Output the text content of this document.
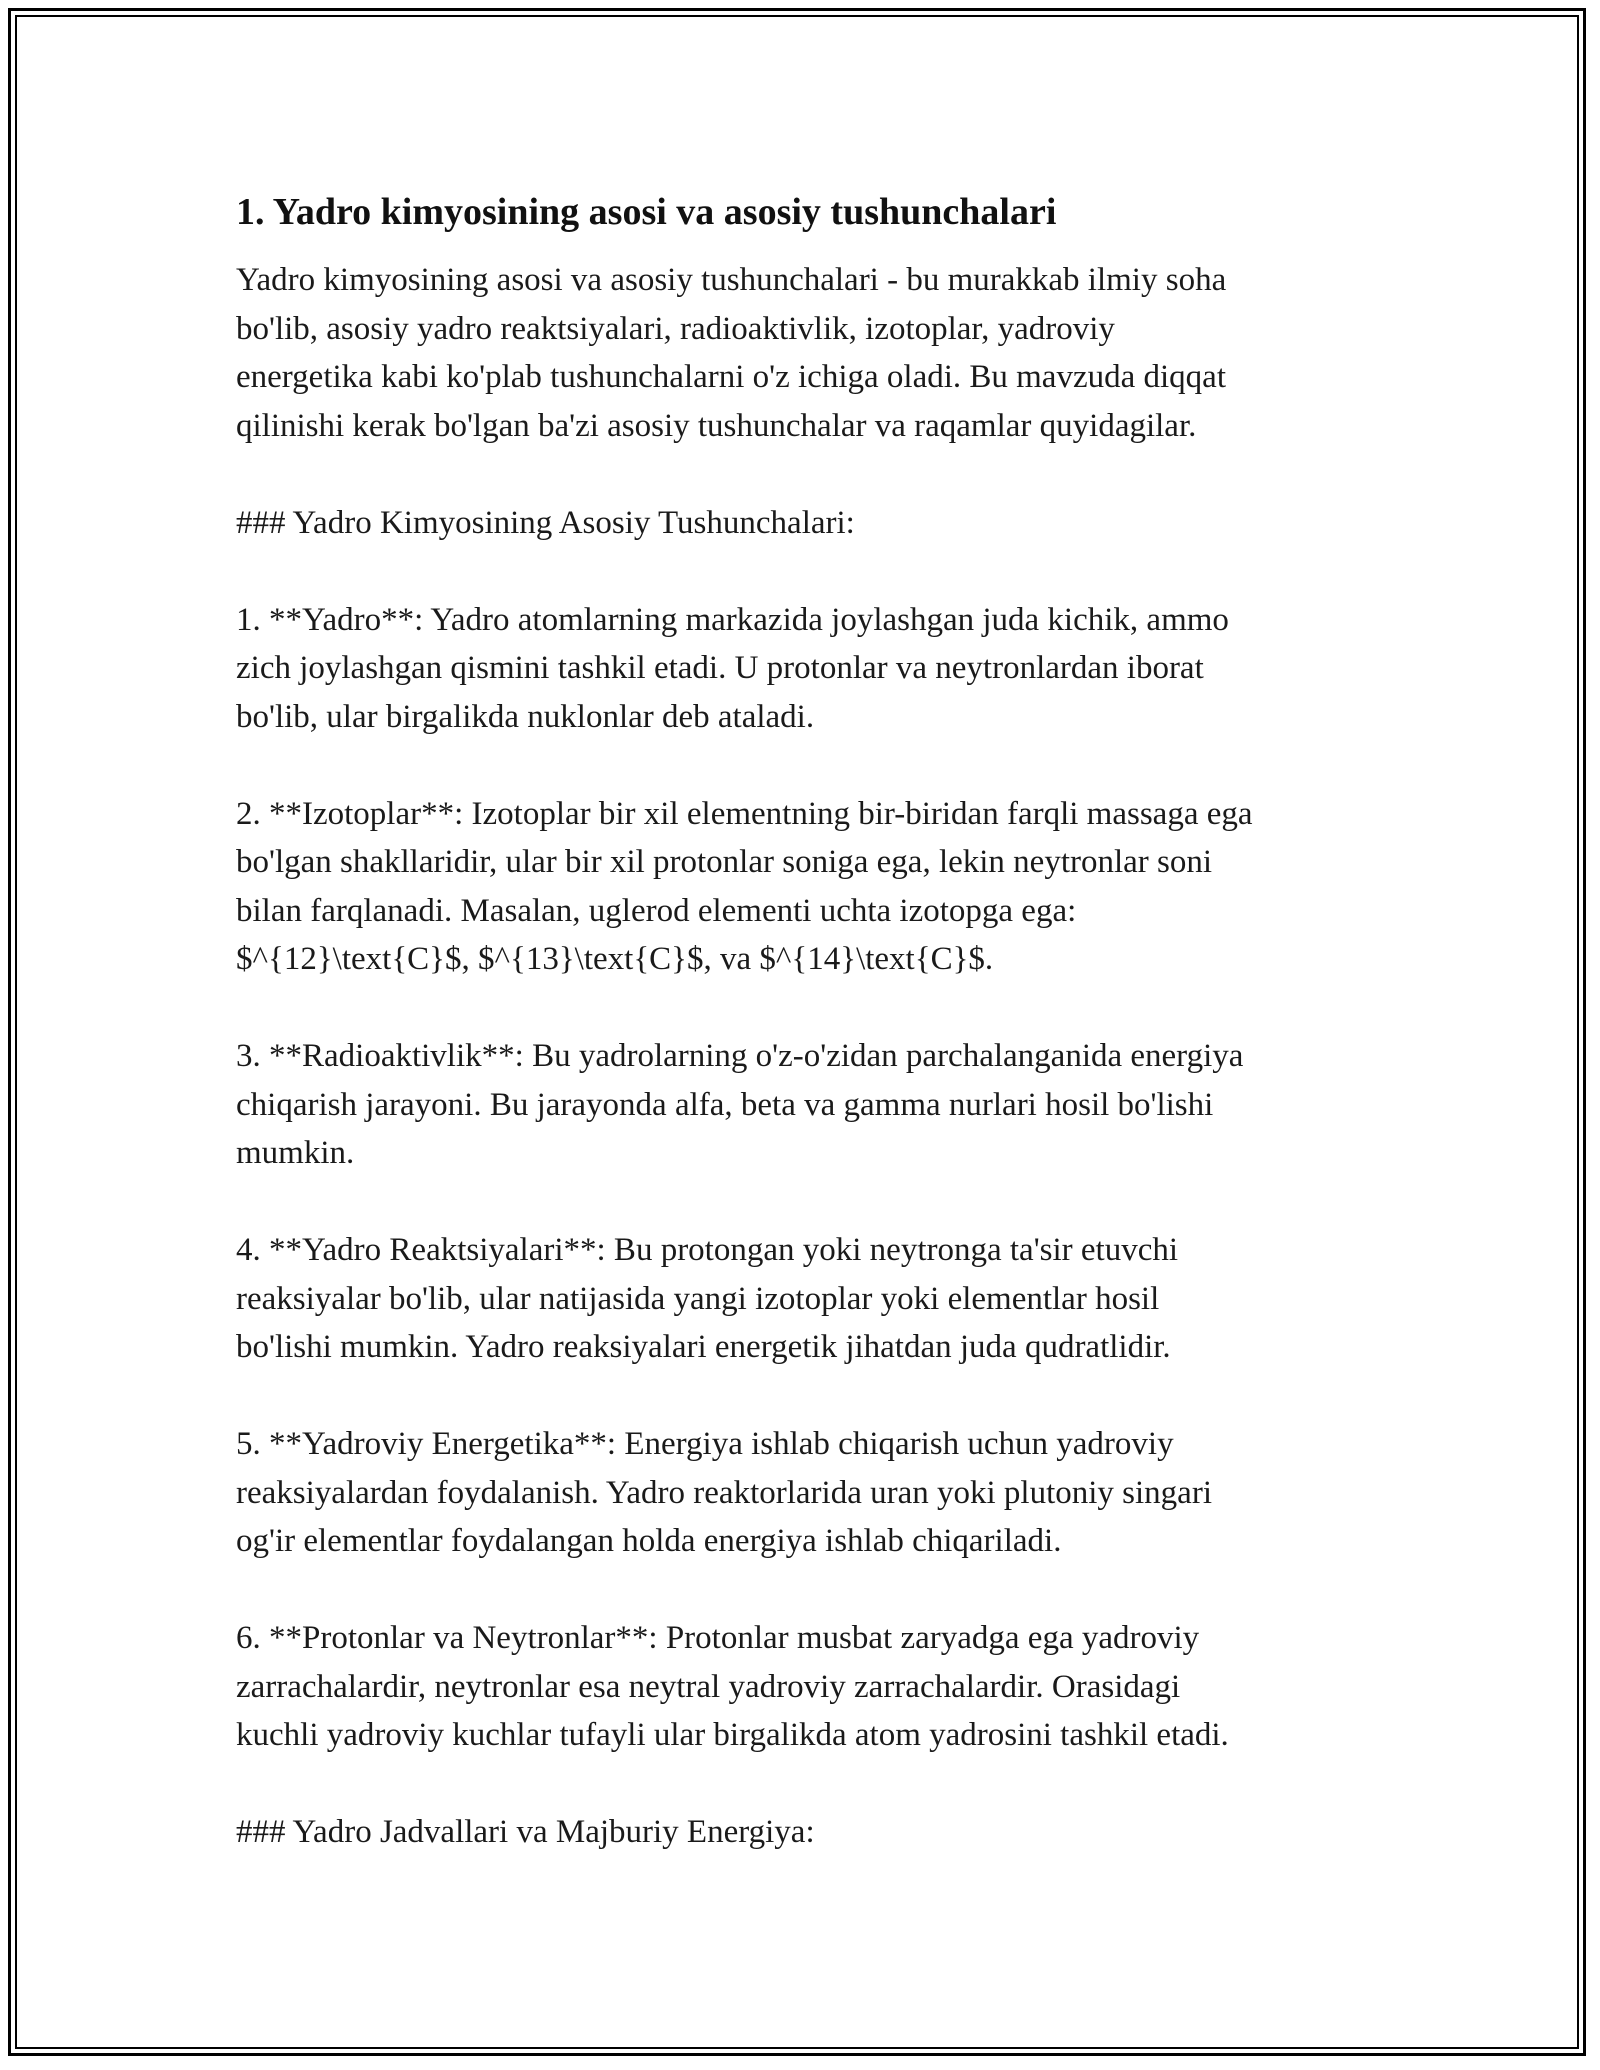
1. Yadro kimyosining asosi va asosiy tushunchalari

Yadro kimyosining asosi va asosiy tushunchalari - bu murakkab ilmiy soha
bo'lib, asosiy yadro reaktsiyalari, radioaktivlik, izotoplar, yadroviy
energetika kabi ko'plab tushunchalarni o'z ichiga oladi. Bu mavzuda diqqat
qilinishi kerak bo'lgan ba'zi asosiy tushunchalar va raqamlar quyidagilar.

### Yadro Kimyosining Asosiy Tushunchalari:

1. **Yadro**: Yadro atomlarning markazida joylashgan juda kichik, ammo
zich joylashgan qismini tashkil etadi. U protonlar va neytronlardan iborat
bo'lib, ular birgalikda nuklonlar deb ataladi.

2. **Izotoplar**: Izotoplar bir xil elementning bir-biridan farqli massaga ega
bo'lgan shakllaridir, ular bir xil protonlar soniga ega, lekin neytronlar soni
bilan farqlanadi. Masalan, uglerod elementi uchta izotopga ega:
$^{12}\text{C}$, $^{13}\text{C}$, va $^{14}\text{C}$.

3. **Radioaktivlik**: Bu yadrolarning o'z-o'zidan parchalanganida energiya
chiqarish jarayoni. Bu jarayonda alfa, beta va gamma nurlari hosil bo'lishi
mumkin.

4. **Yadro Reaktsiyalari**: Bu protongan yoki neytronga ta'sir etuvchi
reaksiyalar bo'lib, ular natijasida yangi izotoplar yoki elementlar hosil
bo'lishi mumkin. Yadro reaksiyalari energetik jihatdan juda qudratlidir.

5. **Yadroviy Energetika**: Energiya ishlab chiqarish uchun yadroviy
reaksiyalardan foydalanish. Yadro reaktorlarida uran yoki plutoniy singari
og'ir elementlar foydalangan holda energiya ishlab chiqariladi.

6. **Protonlar va Neytronlar**: Protonlar musbat zaryadga ega yadroviy
zarrachalardir, neytronlar esa neytral yadroviy zarrachalardir. Orasidagi
kuchli yadroviy kuchlar tufayli ular birgalikda atom yadrosini tashkil etadi.

### Yadro Jadvallari va Majburiy Energiya:
